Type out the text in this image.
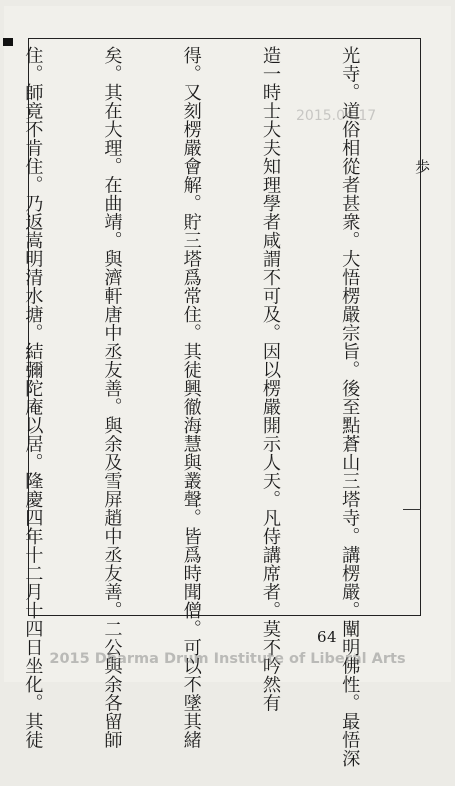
2015.04.17

光寺。道俗相從者甚衆。大悟楞嚴宗旨。後至點蒼山三塔寺。講楞嚴。闡明佛性。最悟深

造一時士大夫知理學者咸謂不可及。因以楞嚴開示人天。凡侍講席者。莫不吟然有

得。又刻楞嚴會解。貯三塔爲常住。其徒興徹海慧與叢聲。皆爲時聞僧。可以不墜其緒

矣。其在大理。在曲靖。與濟軒唐中丞友善。與余及雪屏趙中丞友善。二公與余各留師

住。師竟不肯住。乃返嵩明清水塘。結彌陀庵以居。隆慶四年十二月十四日坐化。其徒

	歩
64
2015 Dharma Drum Institute of Liberal Arts
